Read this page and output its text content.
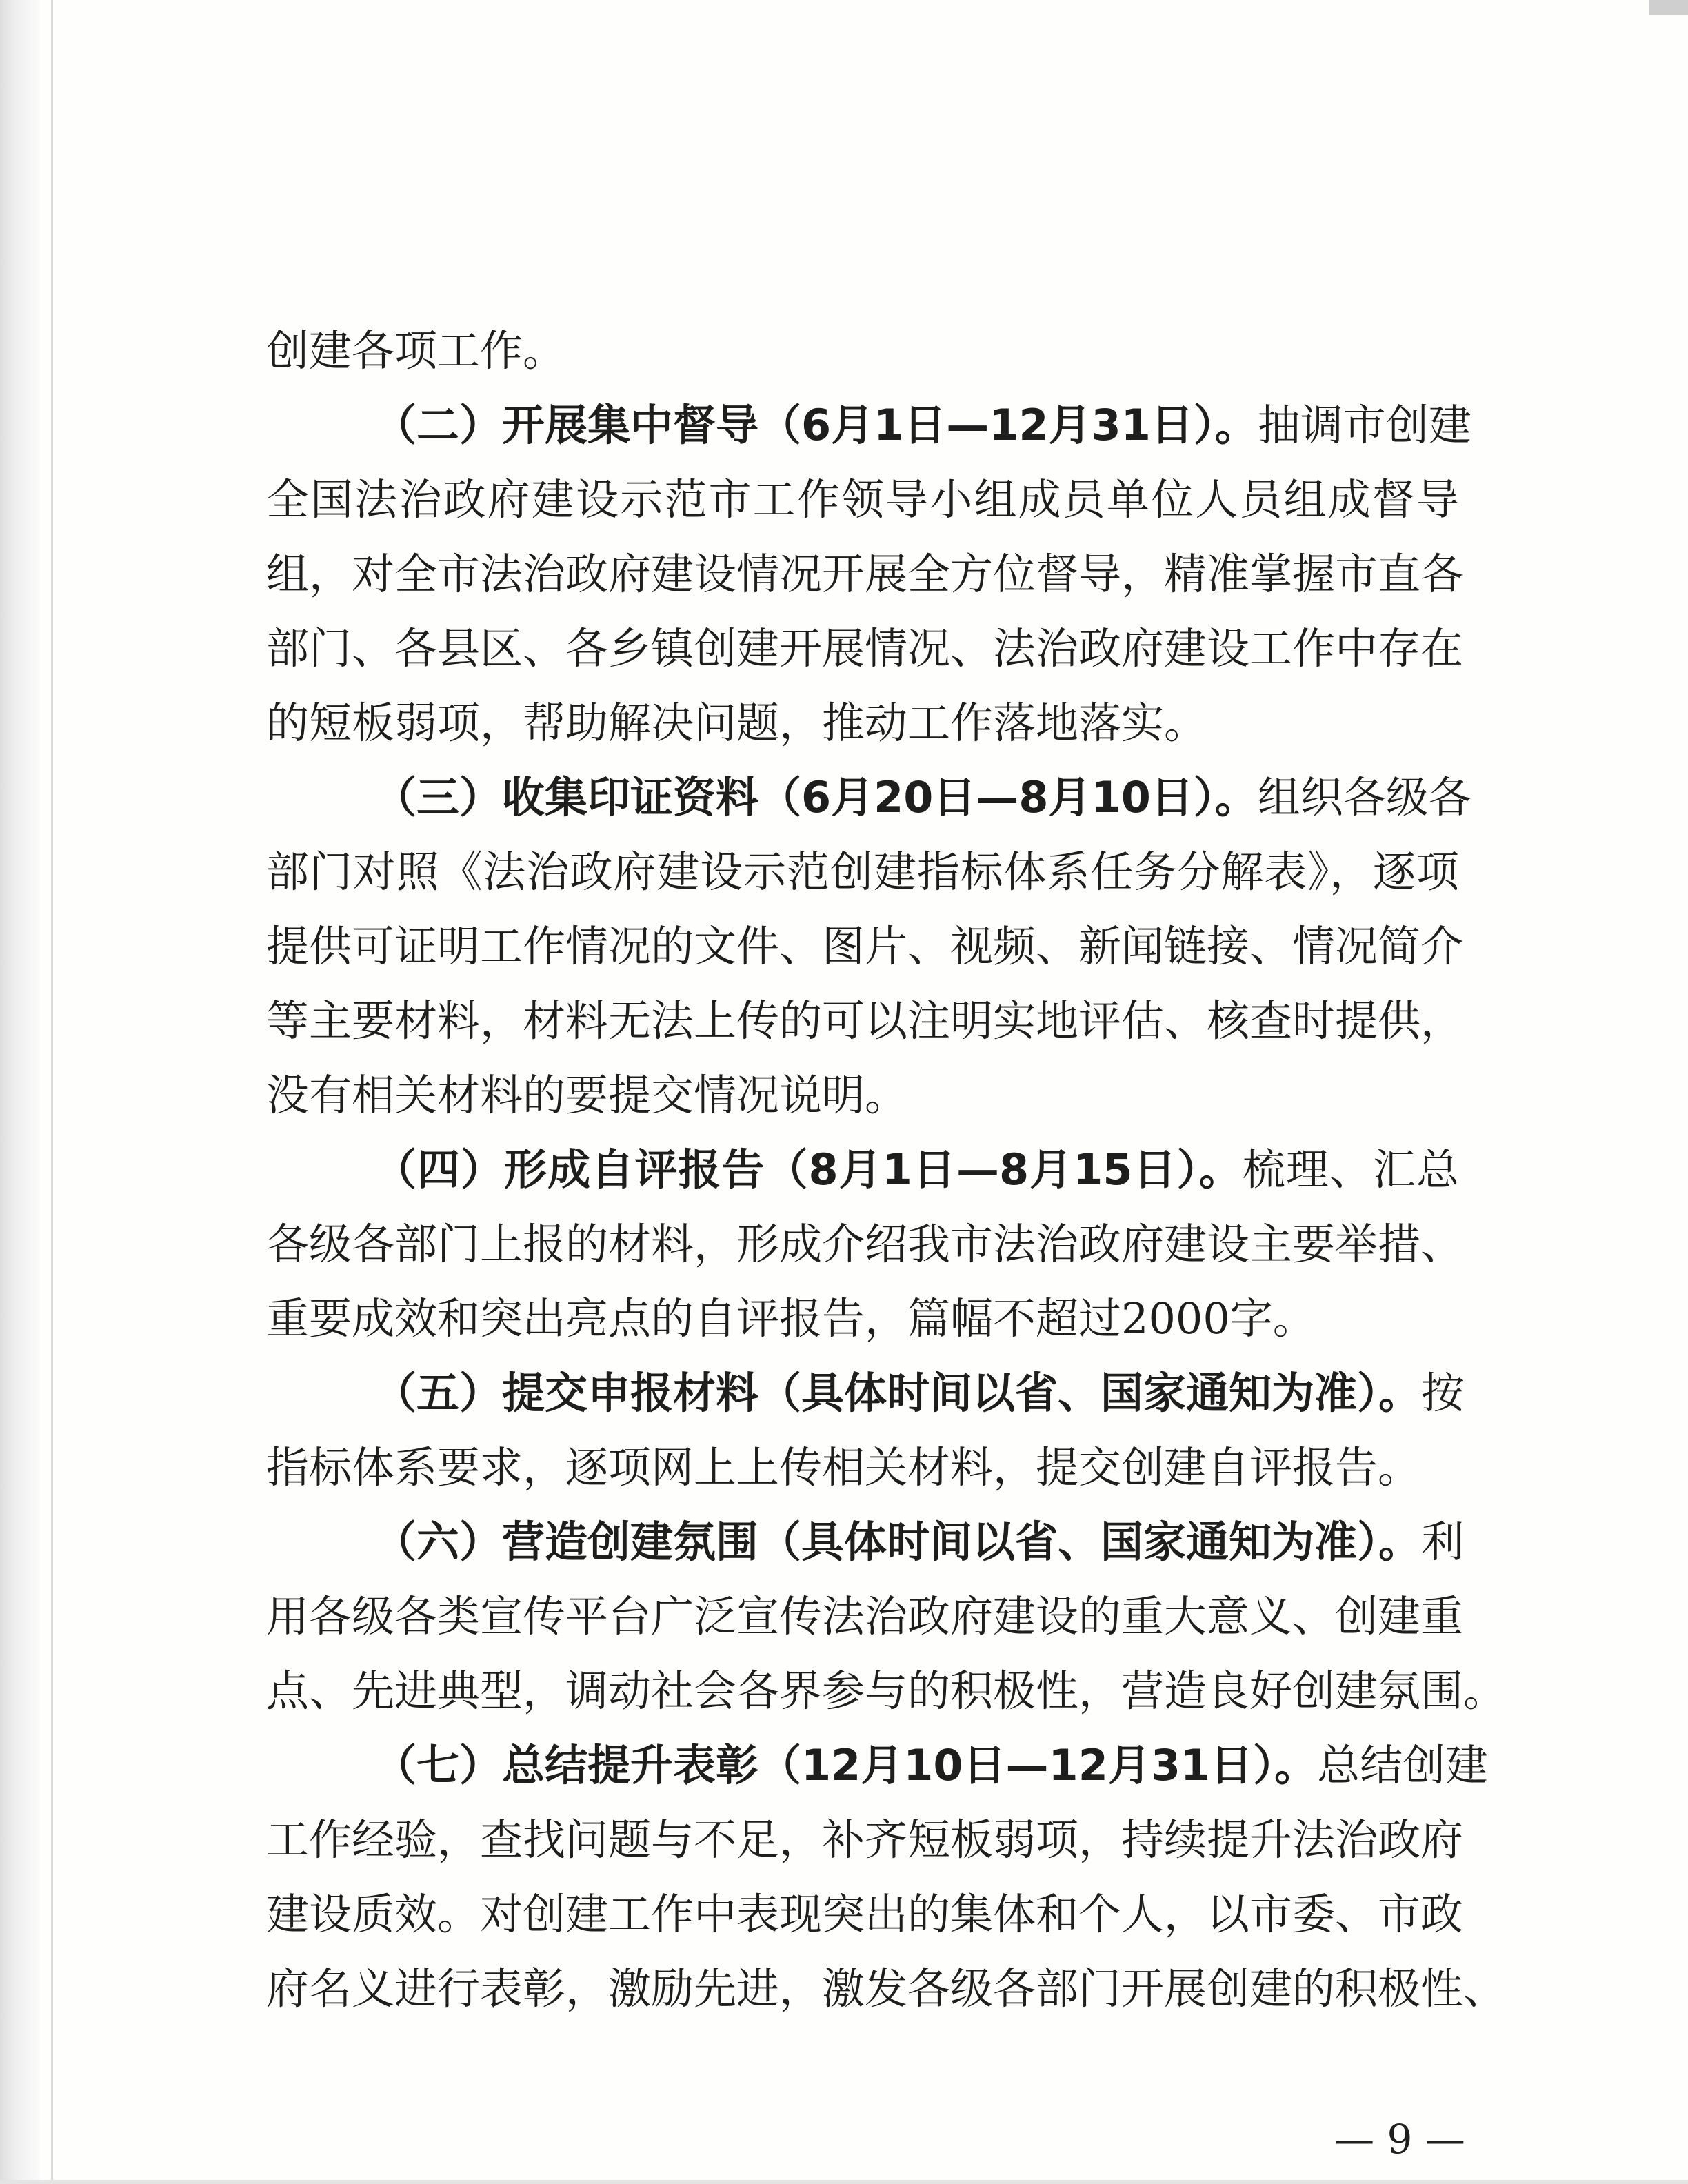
创建各项工作。
（二）开展集中督导（6月1日—12月31日）。抽调市创建
全国法治政府建设示范市工作领导小组成员单位人员组成督导
组，对全市法治政府建设情况开展全方位督导，精准掌握市直各
部门、各县区、各乡镇创建开展情况、法治政府建设工作中存在
的短板弱项，帮助解决问题，推动工作落地落实。
（三）收集印证资料（6月20日—8月10日）。组织各级各
部门对照《法治政府建设示范创建指标体系任务分解表》，逐项
提供可证明工作情况的文件、图片、视频、新闻链接、情况简介
等主要材料，材料无法上传的可以注明实地评估、核查时提供，
没有相关材料的要提交情况说明。
（四）形成自评报告（8月1日—8月15日）。梳理、汇总
各级各部门上报的材料，形成介绍我市法治政府建设主要举措、
重要成效和突出亮点的自评报告，篇幅不超过2000字。
（五）提交申报材料（具体时间以省、国家通知为准）。按
指标体系要求，逐项网上上传相关材料，提交创建自评报告。
（六）营造创建氛围（具体时间以省、国家通知为准）。利
用各级各类宣传平台广泛宣传法治政府建设的重大意义、创建重
点、先进典型，调动社会各界参与的积极性，营造良好创建氛围。
（七）总结提升表彰（12月10日—12月31日）。总结创建
工作经验，查找问题与不足，补齐短板弱项，持续提升法治政府
建设质效。对创建工作中表现突出的集体和个人，以市委、市政
府名义进行表彰，激励先进，激发各级各部门开展创建的积极性、
— 9 —
